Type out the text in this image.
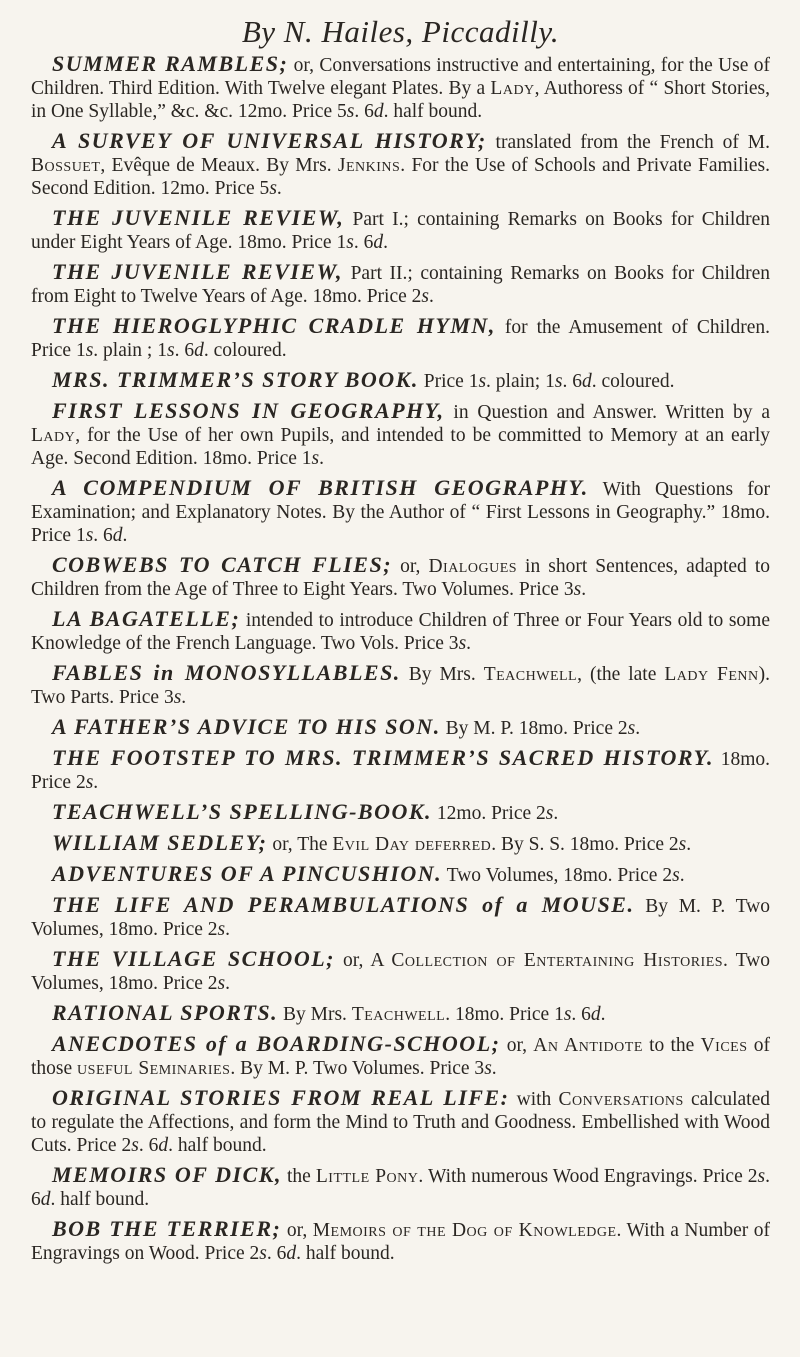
By N. Hailes, Piccadilly.

SUMMER RAMBLES; or, Conversations instructive and entertaining, for the Use of Children. Third Edition. With Twelve elegant Plates. By a Lady, Authoress of “ Short Stories, in One Syllable,” &c. &c. 12mo. Price 5s. 6d. half bound.

A SURVEY OF UNIVERSAL HISTORY; translated from the French of M. Bossuet, Evêque de Meaux. By Mrs. Jenkins. For the Use of Schools and Private Families. Second Edition. 12mo. Price 5s.

THE JUVENILE REVIEW, Part I.; containing Remarks on Books for Children under Eight Years of Age. 18mo. Price 1s. 6d.

THE JUVENILE REVIEW, Part II.; containing Remarks on Books for Children from Eight to Twelve Years of Age. 18mo. Price 2s.

THE HIEROGLYPHIC CRADLE HYMN, for the Amusement of Children. Price 1s. plain ; 1s. 6d. coloured.

MRS. TRIMMER’S STORY BOOK. Price 1s. plain; 1s. 6d. coloured.

FIRST LESSONS IN GEOGRAPHY, in Question and Answer. Written by a Lady, for the Use of her own Pupils, and intended to be committed to Memory at an early Age. Second Edition. 18mo. Price 1s.

A COMPENDIUM OF BRITISH GEOGRAPHY. With Questions for Examination; and Explanatory Notes. By the Author of “ First Lessons in Geography.” 18mo. Price 1s. 6d.

COBWEBS TO CATCH FLIES; or, Dialogues in short Sentences, adapted to Children from the Age of Three to Eight Years. Two Volumes. Price 3s.

LA BAGATELLE; intended to introduce Children of Three or Four Years old to some Knowledge of the French Language. Two Vols. Price 3s.

FABLES in MONOSYLLABLES. By Mrs. Teachwell, (the late Lady Fenn). Two Parts. Price 3s.

A FATHER’S ADVICE TO HIS SON. By M. P. 18mo. Price 2s.

THE FOOTSTEP TO MRS. TRIMMER’S SACRED HISTORY. 18mo. Price 2s.

TEACHWELL’S SPELLING-BOOK. 12mo. Price 2s.

WILLIAM SEDLEY; or, The Evil Day deferred. By S. S. 18mo. Price 2s.

ADVENTURES OF A PINCUSHION. Two Volumes, 18mo. Price 2s.

THE LIFE AND PERAMBULATIONS of a MOUSE. By M. P. Two Volumes, 18mo. Price 2s.

THE VILLAGE SCHOOL; or, A Collection of Entertaining Histories. Two Volumes, 18mo. Price 2s.

RATIONAL SPORTS. By Mrs. Teachwell. 18mo. Price 1s. 6d.

ANECDOTES of a BOARDING-SCHOOL; or, An Antidote to the Vices of those useful Seminaries. By M. P. Two Volumes. Price 3s.

ORIGINAL STORIES FROM REAL LIFE: with Conversations calculated to regulate the Affections, and form the Mind to Truth and Goodness. Embellished with Wood Cuts. Price 2s. 6d. half bound.

MEMOIRS OF DICK, the Little Pony. With numerous Wood Engravings. Price 2s. 6d. half bound.

BOB THE TERRIER; or, Memoirs of the Dog of Knowledge. With a Number of Engravings on Wood. Price 2s. 6d. half bound.
